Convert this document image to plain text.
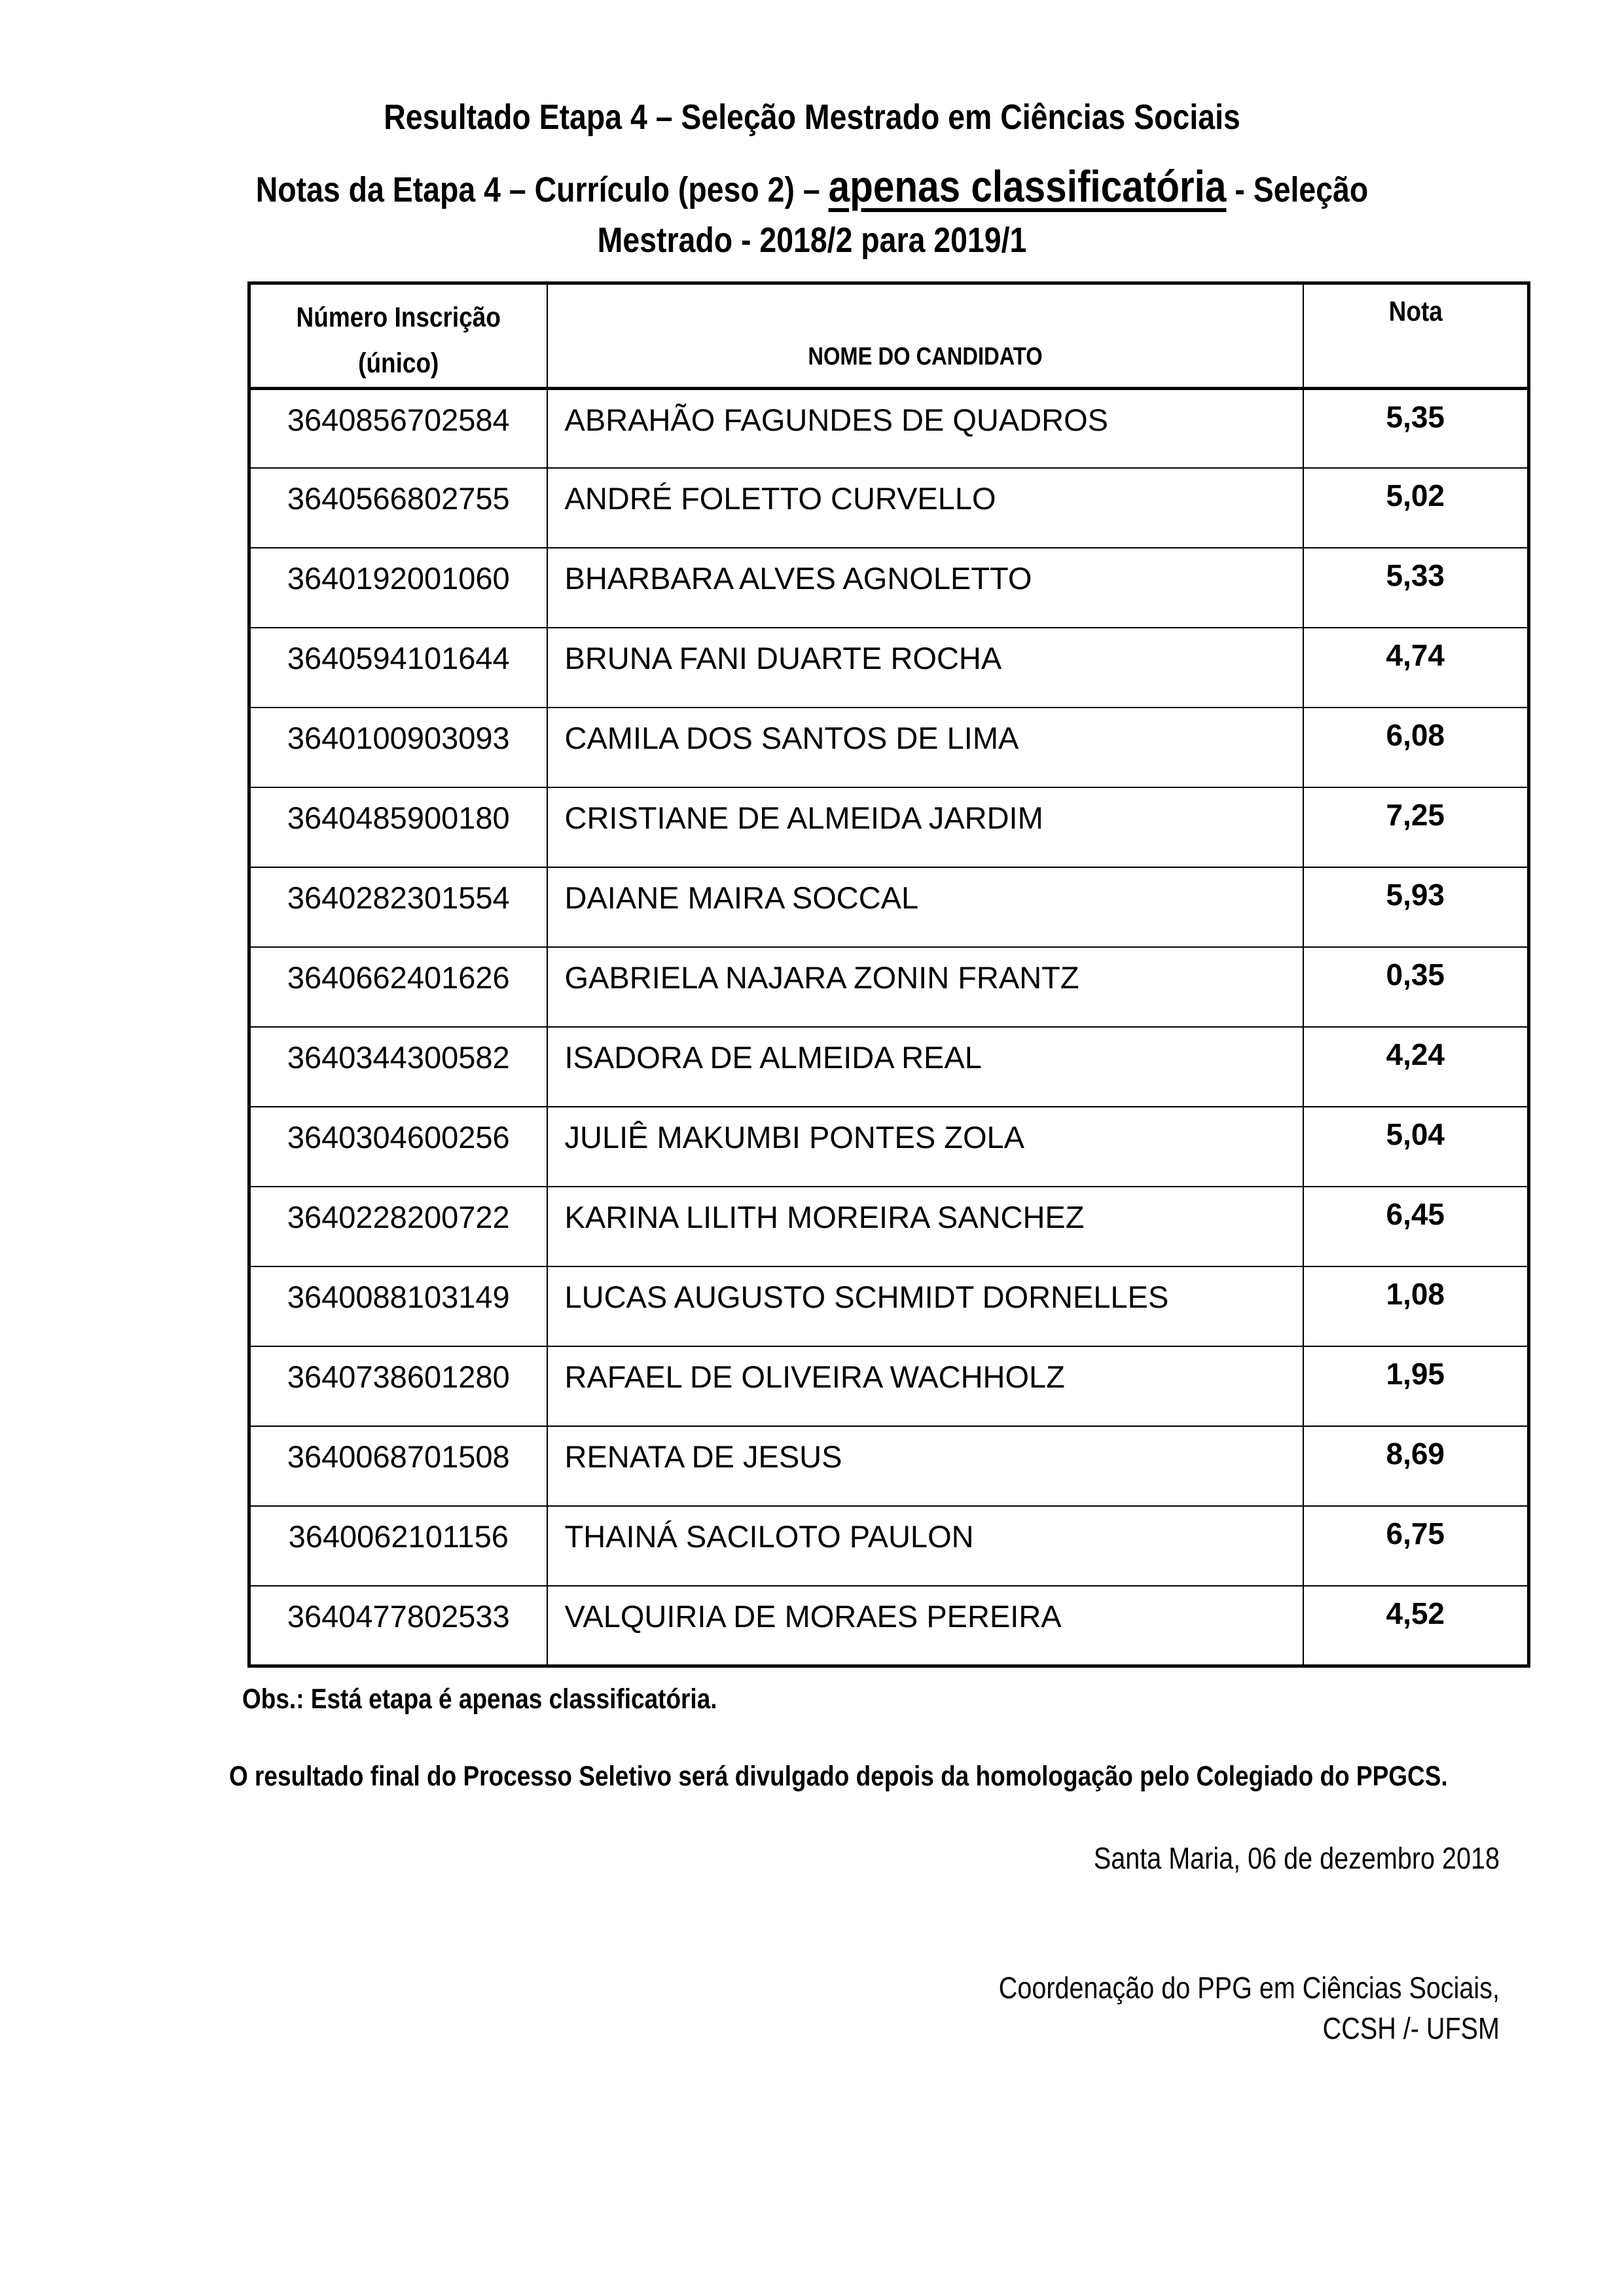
Resultado Etapa 4 – Seleção Mestrado em Ciências Sociais
Notas da Etapa 4 – Currículo (peso 2) – apenas classificatória - Seleção
Mestrado - 2018/2 para 2019/1
Número Inscrição
(único)	NOME DO CANDIDATO	Nota

3640856702584	ABRAHÃO FAGUNDES DE QUADROS	5,35
3640566802755	ANDRÉ FOLETTO CURVELLO	5,02
3640192001060	BHARBARA ALVES AGNOLETTO	5,33
3640594101644	BRUNA FANI DUARTE ROCHA	4,74
3640100903093	CAMILA DOS SANTOS DE LIMA	6,08
3640485900180	CRISTIANE DE ALMEIDA JARDIM	7,25
3640282301554	DAIANE MAIRA SOCCAL	5,93
3640662401626	GABRIELA NAJARA ZONIN FRANTZ	0,35
3640344300582	ISADORA DE ALMEIDA REAL	4,24
3640304600256	JULIÊ MAKUMBI PONTES ZOLA	5,04
3640228200722	KARINA LILITH MOREIRA SANCHEZ	6,45
3640088103149	LUCAS AUGUSTO SCHMIDT DORNELLES	1,08
3640738601280	RAFAEL DE OLIVEIRA WACHHOLZ	1,95
3640068701508	RENATA DE JESUS	8,69
3640062101156	THAINÁ SACILOTO PAULON	6,75
3640477802533	VALQUIRIA DE MORAES PEREIRA	4,52
Obs.: Está etapa é apenas classificatória.
O resultado final do Processo Seletivo será divulgado depois da homologação pelo Colegiado do PPGCS.
Santa Maria, 06 de dezembro 2018
Coordenação do PPG em Ciências Sociais,
CCSH /- UFSM
